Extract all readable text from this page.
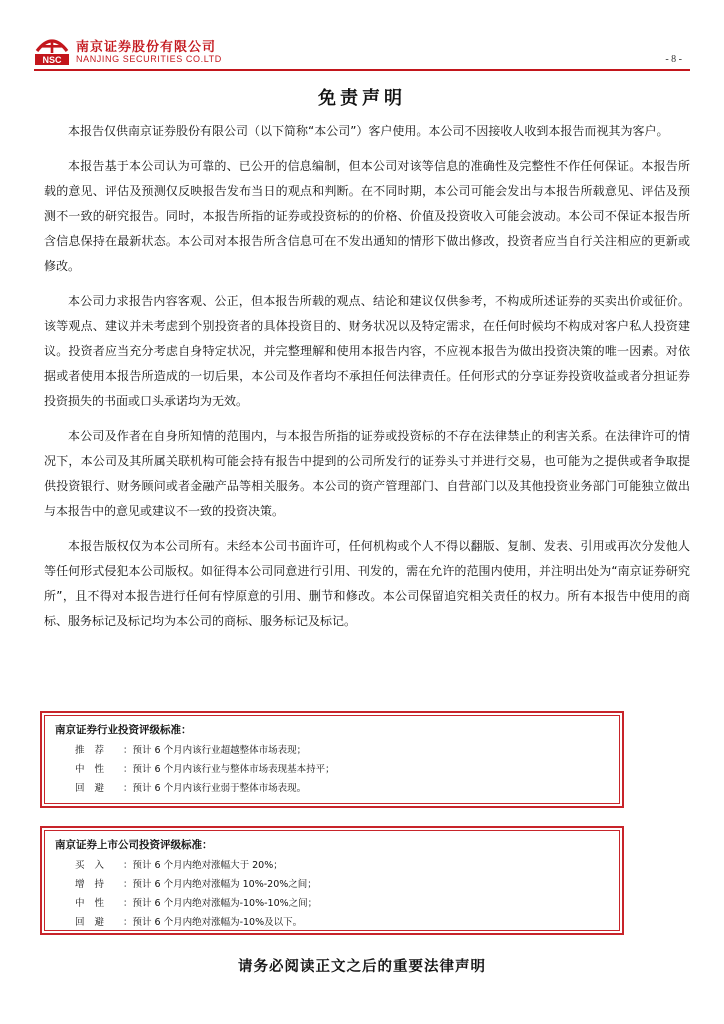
NSC
南京证券股份有限公司
NANJING SECURITIES CO.LTD	- 8 -
免责声明

本报告仅供南京证券股份有限公司（以下简称“本公司”）客户使用。本公司不因接收人收到本报告而视其为客户。

本报告基于本公司认为可靠的、已公开的信息编制，但本公司对该等信息的准确性及完整性不作任何保证。本报告所载的意见、评估及预测仅反映报告发布当日的观点和判断。在不同时期，本公司可能会发出与本报告所载意见、评估及预测不一致的研究报告。同时，本报告所指的证券或投资标的的价格、价值及投资收入可能会波动。本公司不保证本报告所含信息保持在最新状态。本公司对本报告所含信息可在不发出通知的情形下做出修改，投资者应当自行关注相应的更新或修改。

本公司力求报告内容客观、公正，但本报告所载的观点、结论和建议仅供参考，不构成所述证券的买卖出价或征价。该等观点、建议并未考虑到个别投资者的具体投资目的、财务状况以及特定需求，在任何时候均不构成对客户私人投资建议。投资者应当充分考虑自身特定状况，并完整理解和使用本报告内容，不应视本报告为做出投资决策的唯一因素。对依据或者使用本报告所造成的一切后果，本公司及作者均不承担任何法律责任。任何形式的分享证券投资收益或者分担证券投资损失的书面或口头承诺均为无效。

本公司及作者在自身所知情的范围内，与本报告所指的证券或投资标的不存在法律禁止的利害关系。在法律许可的情况下，本公司及其所属关联机构可能会持有报告中提到的公司所发行的证券头寸并进行交易，也可能为之提供或者争取提供投资银行、财务顾问或者金融产品等相关服务。本公司的资产管理部门、自营部门以及其他投资业务部门可能独立做出与本报告中的意见或建议不一致的投资决策。

本报告版权仅为本公司所有。未经本公司书面许可，任何机构或个人不得以翻版、复制、发表、引用或再次分发他人等任何形式侵犯本公司版权。如征得本公司同意进行引用、刊发的，需在允许的范围内使用，并注明出处为“南京证券研究所”，且不得对本报告进行任何有悖原意的引用、删节和修改。本公司保留追究相关责任的权力。所有本报告中使用的商标、服务标记及标记均为本公司的商标、服务标记及标记。

南京证券行业投资评级标准：
推荐 ：预计 6 个月内该行业超越整体市场表现；
中性 ：预计 6 个月内该行业与整体市场表现基本持平；
回避 ：预计 6 个月内该行业弱于整体市场表现。
南京证券上市公司投资评级标准：
买入 ：预计 6 个月内绝对涨幅大于 20%；
增持 ：预计 6 个月内绝对涨幅为 10%-20%之间；
中性 ：预计 6 个月内绝对涨幅为-10%-10%之间；
回避 ：预计 6 个月内绝对涨幅为-10%及以下。
请务必阅读正文之后的重要法律声明
